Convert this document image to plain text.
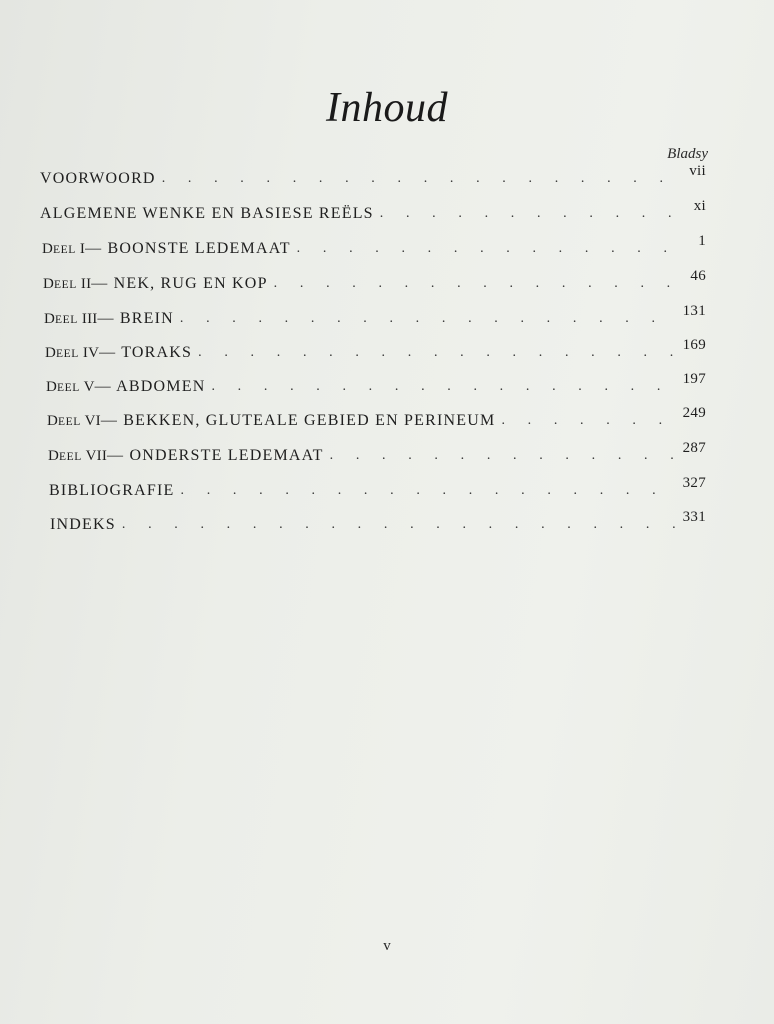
Inhoud
Bladsy
VOORWOORD . . .	vii
ALGEMENE WENKE EN BASIESE REËLS . . .	xi
DEEL I — BOONSTE LEDEMAAT . . .	1
DEEL II — NEK, RUG EN KOP . . .	46
DEEL III — BREIN . . .	131
DEEL IV — TORAKS . . .	169
DEEL V — ABDOMEN . . .	197
DEEL VI — BEKKEN, GLUTEALE GEBIED EN PERINEUM . . .	249
DEEL VII — ONDERSTE LEDEMAAT . . .	287
BIBLIOGRAFIE . . .	327
INDEKS . . .	331
v
